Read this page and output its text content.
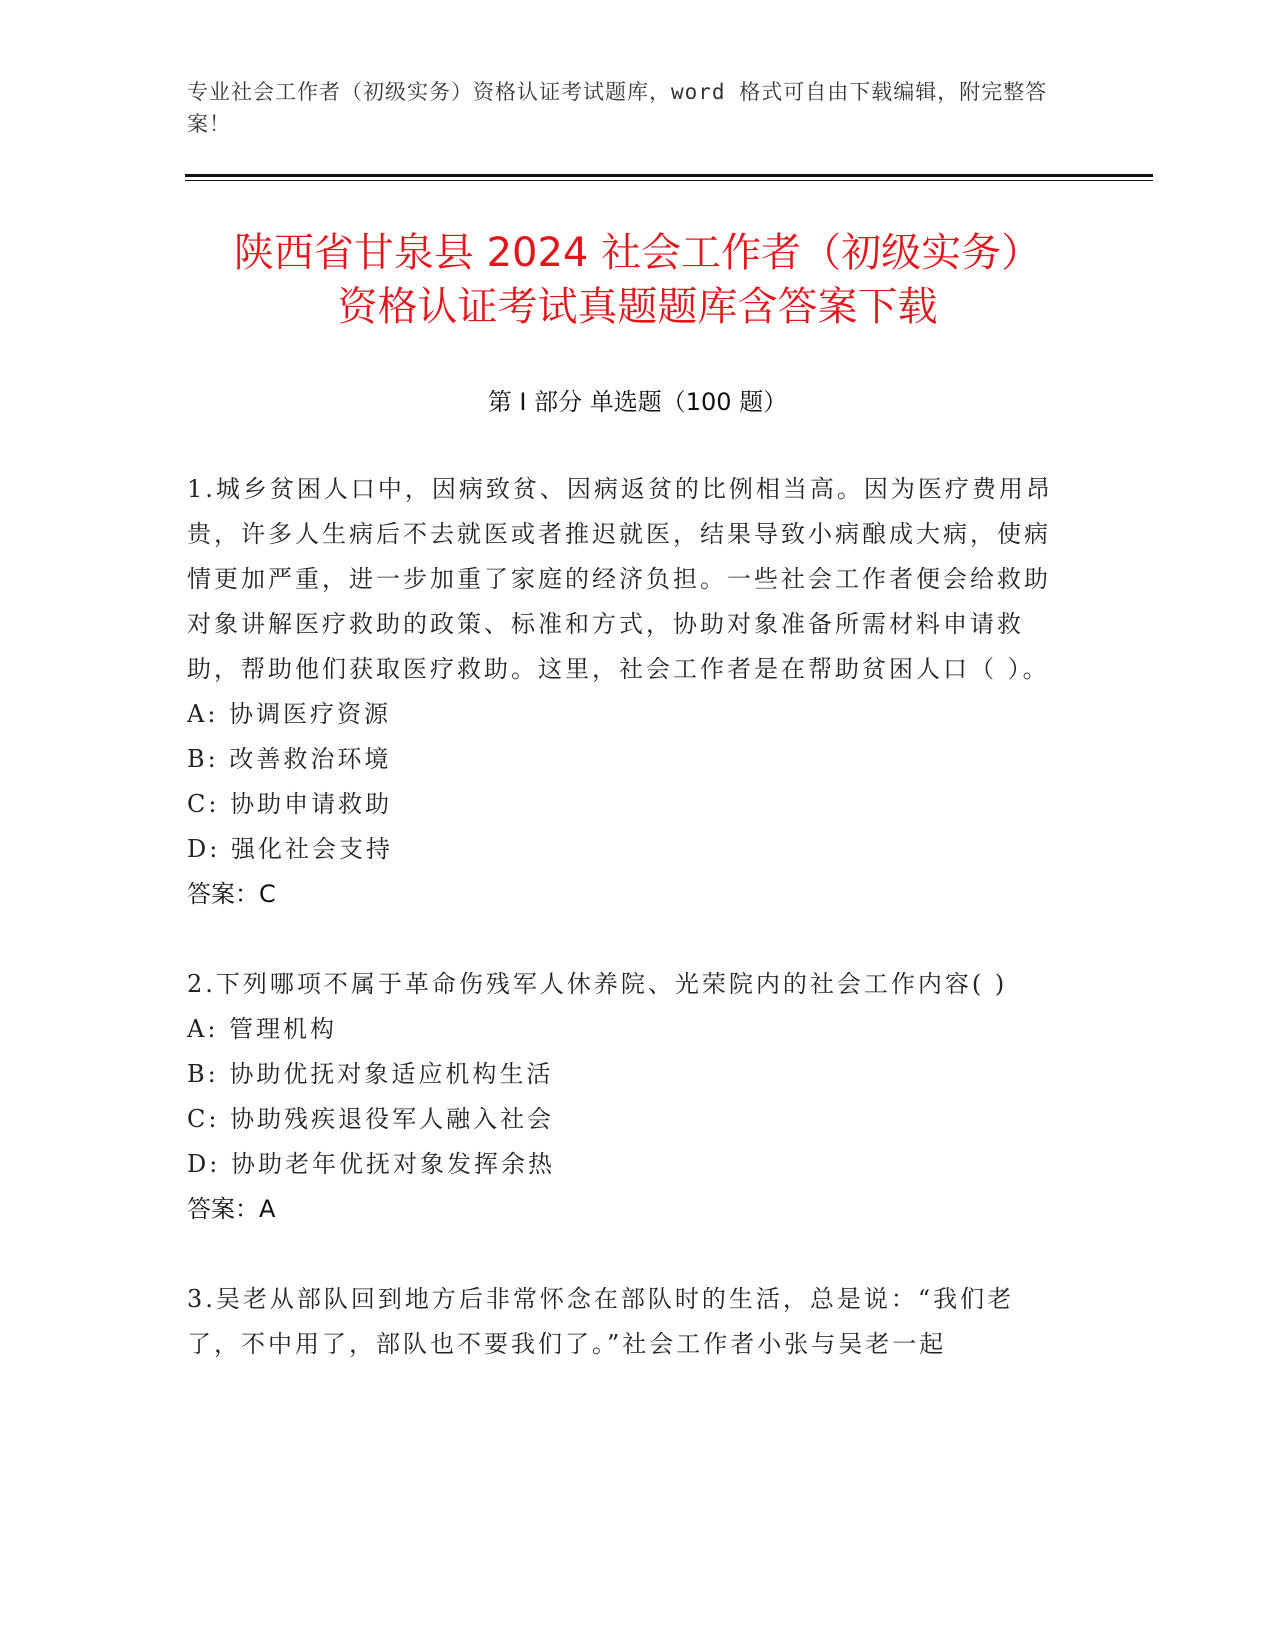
专业社会工作者（初级实务）资格认证考试题库，word 格式可自由下载编辑，附完整答案！
陕西省甘泉县 2024 社会工作者（初级实务）
资格认证考试真题题库含答案下载
第 I 部分 单选题（100 题）
1.城乡贫困人口中，因病致贫、因病返贫的比例相当高。因为医疗费用昂贵，许多人生病后不去就医或者推迟就医，结果导致小病酿成大病，使病情更加严重，进一步加重了家庭的经济负担。一些社会工作者便会给救助对象讲解医疗救助的政策、标准和方式，协助对象准备所需材料申请救助，帮助他们获取医疗救助。这里，社会工作者是在帮助贫困人口（ ）。
A: 协调医疗资源
B: 改善救治环境
C: 协助申请救助
D: 强化社会支持
答案：C
2.下列哪项不属于革命伤残军人休养院、光荣院内的社会工作内容( )
A: 管理机构
B: 协助优抚对象适应机构生活
C: 协助残疾退役军人融入社会
D: 协助老年优抚对象发挥余热
答案：A
3.吴老从部队回到地方后非常怀念在部队时的生活，总是说：“我们老了，不中用了，部队也不要我们了。”社会工作者小张与吴老一起
